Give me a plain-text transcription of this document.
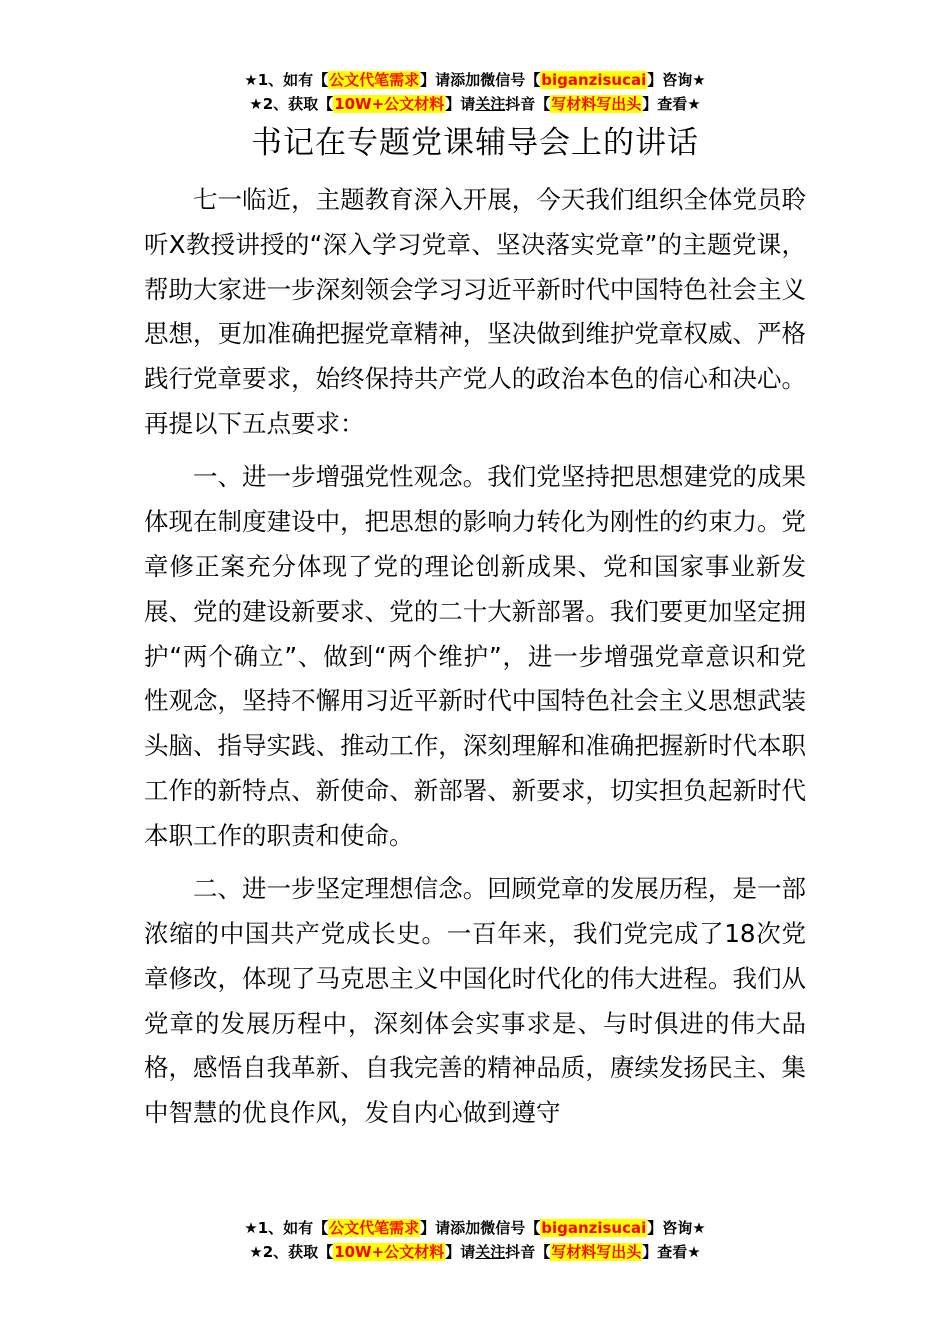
★1、如有【公文代笔需求】请添加微信号【biganzisucai】咨询★
★2、获取【10W+公文材料】请关注抖音【写材料写出头】查看★
书记在专题党课辅导会上的讲话

七一临近，主题教育深入开展，今天我们组织全体党员聆听X教授讲授的“深入学习党章、坚决落实党章”的主题党课，帮助大家进一步深刻领会学习习近平新时代中国特色社会主义思想，更加准确把握党章精神，坚决做到维护党章权威、严格践行党章要求，始终保持共产党人的政治本色的信心和决心。再提以下五点要求：

一、进一步增强党性观念。我们党坚持把思想建党的成果体现在制度建设中，把思想的影响力转化为刚性的约束力。党章修正案充分体现了党的理论创新成果、党和国家事业新发展、党的建设新要求、党的二十大新部署。我们要更加坚定拥护“两个确立”、做到“两个维护”，进一步增强党章意识和党性观念，坚持不懈用习近平新时代中国特色社会主义思想武装头脑、指导实践、推动工作，深刻理解和准确把握新时代本职工作的新特点、新使命、新部署、新要求，切实担负起新时代本职工作的职责和使命。

二、进一步坚定理想信念。回顾党章的发展历程，是一部浓缩的中国共产党成长史。一百年来，我们党完成了18次党章修改，体现了马克思主义中国化时代化的伟大进程。我们从党章的发展历程中，深刻体会实事求是、与时俱进的伟大品格，感悟自我革新、自我完善的精神品质，赓续发扬民主、集中智慧的优良作风，发自内心做到遵守

★1、如有【公文代笔需求】请添加微信号【biganzisucai】咨询★
★2、获取【10W+公文材料】请关注抖音【写材料写出头】查看★
